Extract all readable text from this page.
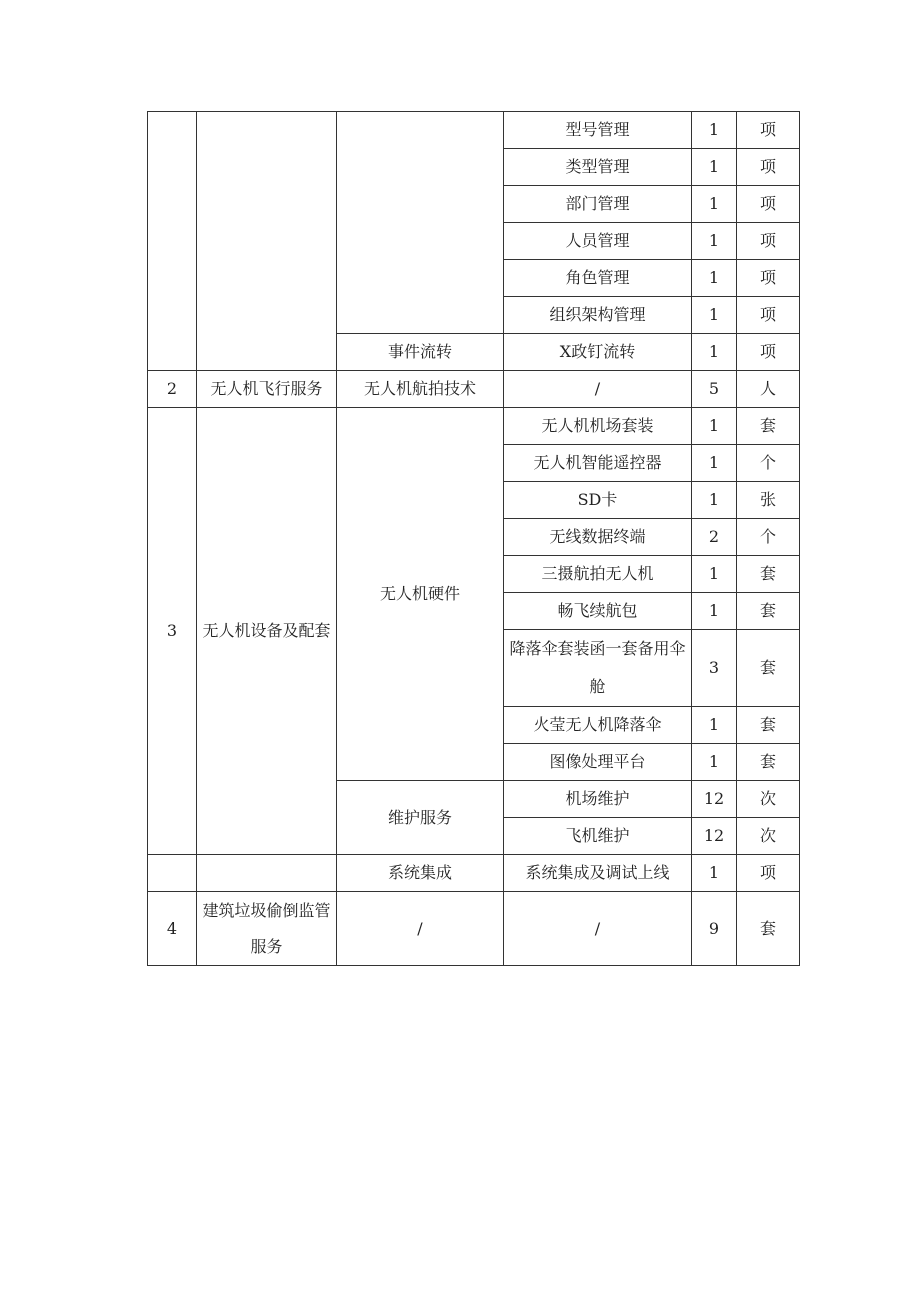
			型号管理	1	项
			类型管理	1	项
			部门管理	1	项
			人员管理	1	项
			角色管理	1	项
			组织架构管理	1	项
		事件流转	X政钉流转	1	项
2	无人机飞行服务	无人机航拍技术	/	5	人
3	无人机设备及配套	无人机硬件	无人机机场套装	1	套
			无人机智能遥控器	1	个
			SD卡	1	张
			无线数据终端	2	个
			三摄航拍无人机	1	套
			畅飞续航包	1	套
			降落伞套装函一套备用伞舱	3	套
			火莹无人机降落伞	1	套
			图像处理平台	1	套
		维护服务	机场维护	12	次
			飞机维护	12	次
		系统集成	系统集成及调试上线	1	项
4	建筑垃圾偷倒监管服务	/	/	9	套
